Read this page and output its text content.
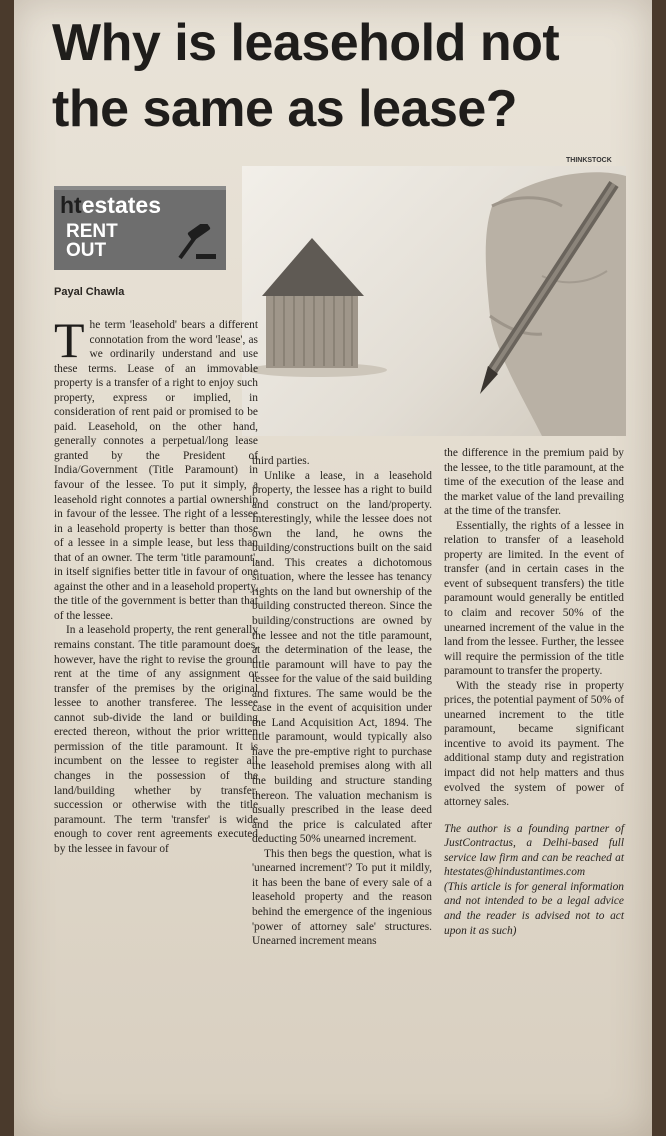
Why is leasehold not the same as lease?
THINKSTOCK
htestates
RENT
OUT
Payal Chawla

The term 'leasehold' bears a different connotation from the word 'lease', as we ordinarily understand and use these terms. Lease of an immovable property is a transfer of a right to enjoy such property, express or implied, in consideration of rent paid or promised to be paid. Leasehold, on the other hand, generally connotes a perpetual/long lease granted by the President of India/Government (Title Paramount) in favour of the lessee. To put it simply, a leasehold right connotes a partial ownership in favour of the lessee. The right of a lessee in a leasehold property is better than those of a lessee in a simple lease, but less than that of an owner. The term 'title paramount', in itself signifies better title in favour of one against the other and in a leasehold property, the title of the government is better than that of the lessee.

In a leasehold property, the rent generally remains constant. The title paramount does, however, have the right to revise the ground rent at the time of any assignment or transfer of the premises by the original lessee to another transferee. The lessee cannot sub-divide the land or building erected thereon, without the prior written permission of the title paramount. It is incumbent on the lessee to register all changes in the possession of the land/building whether by transfer, succession or otherwise with the title paramount. The term 'transfer' is wide enough to cover rent agreements executed by the lessee in favour of

third parties.

Unlike a lease, in a leasehold property, the lessee has a right to build and construct on the land/property. Interestingly, while the lessee does not own the land, he owns the building/constructions built on the said land. This creates a dichotomous situation, where the lessee has tenancy rights on the land but ownership of the building constructed thereon. Since the building/constructions are owned by the lessee and not the title paramount, at the determination of the lease, the title paramount will have to pay the lessee for the value of the said building and fixtures. The same would be the case in the event of acquisition under the Land Acquisition Act, 1894. The title paramount, would typically also have the pre-emptive right to purchase the leasehold premises along with all the building and structure standing thereon. The valuation mechanism is usually prescribed in the lease deed and the price is calculated after deducting 50% unearned increment.

This then begs the question, what is 'unearned increment'? To put it mildly, it has been the bane of every sale of a leasehold property and the reason behind the emergence of the ingenious 'power of attorney sale' structures. Unearned increment means

the difference in the premium paid by the lessee, to the title paramount, at the time of the execution of the lease and the market value of the land prevailing at the time of the transfer.

Essentially, the rights of a lessee in relation to transfer of a leasehold property are limited. In the event of transfer (and in certain cases in the event of subsequent transfers) the title paramount would generally be entitled to claim and recover 50% of the unearned increment of the value in the land from the lessee. Further, the lessee will require the permission of the title paramount to transfer the property.

With the steady rise in property prices, the potential payment of 50% of unearned increment to the title paramount, became significant incentive to avoid its payment. The additional stamp duty and registration impact did not help matters and thus evolved the system of power of attorney sales.

The author is a founding partner of JustContractus, a Delhi-based full service law firm and can be reached at htestates@hindustantimes.com

(This article is for general information and not intended to be a legal advice and the reader is advised not to act upon it as such)
